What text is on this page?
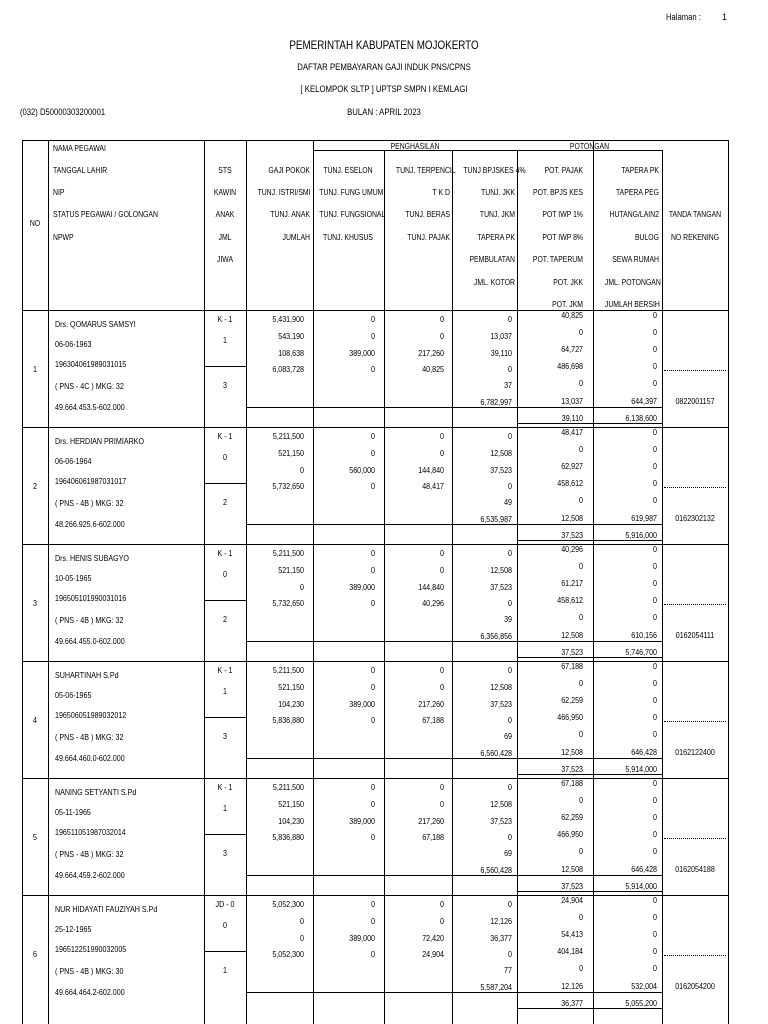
Halaman : 1
PEMERINTAH KABUPATEN MOJOKERTO
DAFTAR PEMBAYARAN GAJI INDUK PNS/CPNS
[ KELOMPOK SLTP ] UPTSP SMPN I KEMLAGI
(032) D50000303200001	BULAN : APRIL 2023
PENGHASILAN	POTONGAN
NO
NAMA PEGAWAI
TANGGAL LAHIR
NIP
STATUS PEGAWAI / GOLONGAN
NPWP
STS
KAWIN
ANAK
JML
JIWA
GAJI POKOK
TUNJ. ISTRI/SMI
TUNJ. ANAK
JUMLAH
TUNJ. ESELON
TUNJ. FUNG UMUM
TUNJ. FUNGSIONAL
TUNJ. KHUSUS
TUNJ. TERPENCIL
T K D
TUNJ. BERAS
TUNJ. PAJAK
TUNJ BPJSKES 4%
TUNJ. JKK
TUNJ. JKM
TAPERA PK
PEMBULATAN
JML. KOTOR
POT. PAJAK
POT. BPJS KES
POT IWP 1%
POT IWP 8%
POT. TAPERUM
POT. JKK
POT. JKM
TAPERA PK
TAPERA PEG
HUTANG/LAIN2
BULOG
SEWA RUMAH
JML. POTONGAN
JUMLAH BERSIH
TANDA TANGAN
NO REKENING
1
Drs. QOMARUS SAMSYI
06-06-1963
196304061989031015
( PNS - 4C ) MKG: 32
49.664.453.5-602.000
K - 1
1
3
5,431,900
543,190
108,638
6,083,728
0
0
389,000
0
0
0
217,260
40,825
0
13,037
39,110
0
37
6,782,997
40,825
0
64,727
486,698
0
13,037
39,110
0
0
0
0
0
644,397
6,138,600
0822001157
2
Drs. HERDIAN PRIMIARKO
06-06-1964
196406061987031017
( PNS - 4B ) MKG: 32
48.266.925.6-602.000
K - 1
0
2
5,211,500
521,150
0
5,732,650
0
0
560,000
0
0
0
144,840
48,417
0
12,508
37,523
0
49
6,535,987
48,417
0
62,927
458,612
0
12,508
37,523
0
0
0
0
0
619,987
5,916,000
0162302132
3
Drs. HENIS SUBAGYO
10-05-1965
196505101990031016
( PNS - 4B ) MKG: 32
49.664.455.0-602.000
K - 1
0
2
5,211,500
521,150
0
5,732,650
0
0
389,000
0
0
0
144,840
40,296
0
12,508
37,523
0
39
6,356,856
40,296
0
61,217
458,612
0
12,508
37,523
0
0
0
0
0
610,156
5,746,700
0162054111
4
SUHARTINAH S.Pd
05-06-1965
196506051989032012
( PNS - 4B ) MKG: 32
49.664.460.0-602.000
K - 1
1
3
5,211,500
521,150
104,230
5,836,880
0
0
389,000
0
0
0
217,260
67,188
0
12,508
37,523
0
69
6,560,428
67,188
0
62,259
466,950
0
12,508
37,523
0
0
0
0
0
646,428
5,914,000
0162122400
5
NANING SETYANTI S.Pd
05-11-1965
196511051987032014
( PNS - 4B ) MKG: 32
49.664.459.2-602.000
K - 1
1
3
5,211,500
521,150
104,230
5,836,880
0
0
389,000
0
0
0
217,260
67,188
0
12,508
37,523
0
69
6,560,428
67,188
0
62,259
466,950
0
12,508
37,523
0
0
0
0
0
646,428
5,914,000
0162054188
6
NUR HIDAYATI FAUZIYAH S.Pd
25-12-1965
196512251990032005
( PNS - 4B ) MKG: 30
49.664.464.2-602.000
JD - 0
0
1
5,052,300
0
0
5,052,300
0
0
389,000
0
0
0
72,420
24,904
0
12,126
36,377
0
77
5,587,204
24,904
0
54,413
404,184
0
12,126
36,377
0
0
0
0
0
532,004
5,055,200
0162054200
